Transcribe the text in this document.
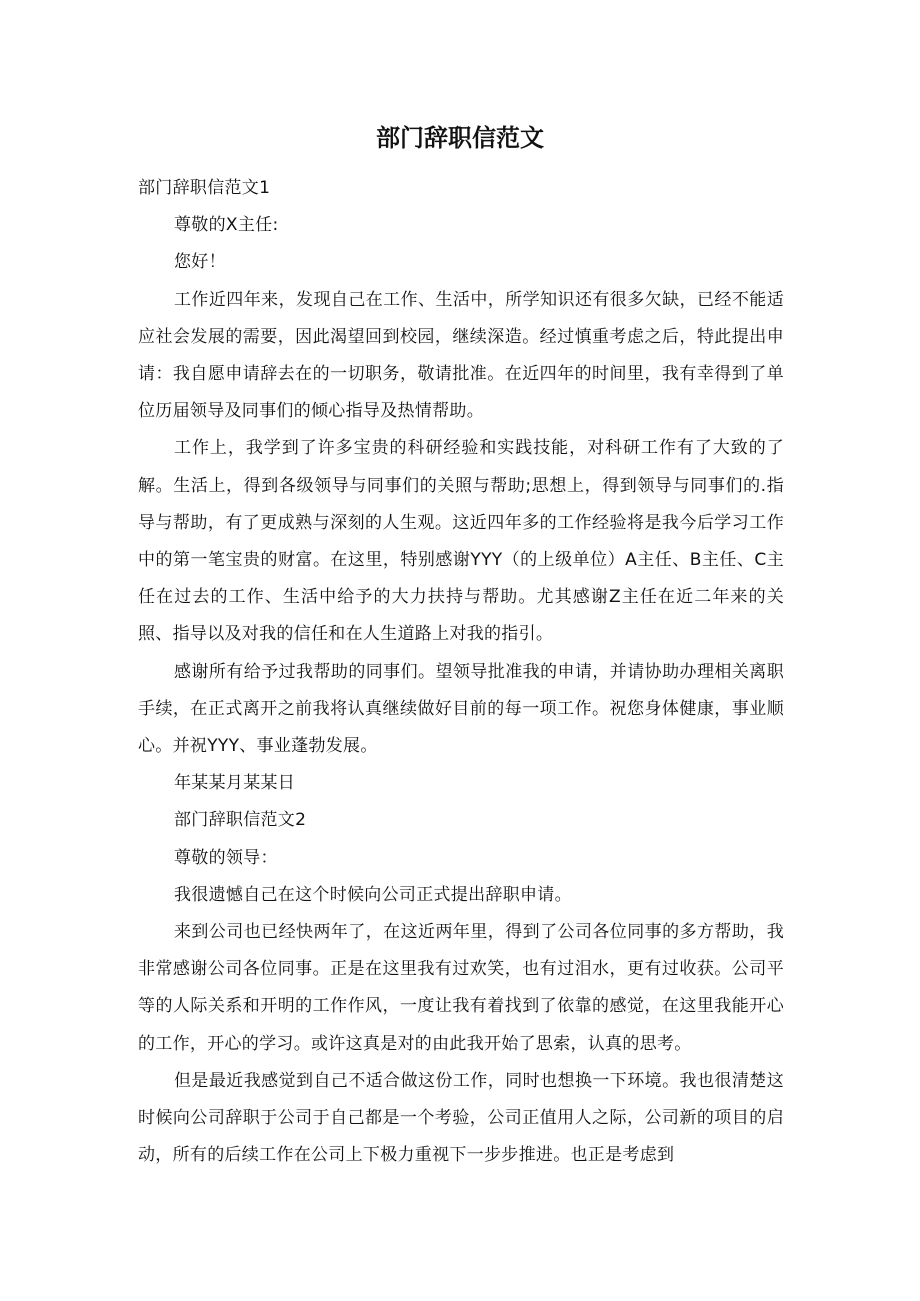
部门辞职信范文

部门辞职信范文1

尊敬的X主任:

您好！

工作近四年来，发现自己在工作、生活中，所学知识还有很多欠缺，已经不能适应社会发展的需要，因此渴望回到校园，继续深造。经过慎重考虑之后，特此提出申请：我自愿申请辞去在的一切职务，敬请批准。在近四年的时间里，我有幸得到了单位历届领导及同事们的倾心指导及热情帮助。

工作上，我学到了许多宝贵的科研经验和实践技能，对科研工作有了大致的了解。生活上，得到各级领导与同事们的关照与帮助;思想上，得到领导与同事们的.指导与帮助，有了更成熟与深刻的人生观。这近四年多的工作经验将是我今后学习工作中的第一笔宝贵的财富。在这里，特别感谢YYY（的上级单位）A主任、B主任、C主任在过去的工作、生活中给予的大力扶持与帮助。尤其感谢Z主任在近二年来的关照、指导以及对我的信任和在人生道路上对我的指引。

感谢所有给予过我帮助的同事们。望领导批准我的申请，并请协助办理相关离职手续，在正式离开之前我将认真继续做好目前的每一项工作。祝您身体健康，事业顺心。并祝YYY、事业蓬勃发展。

年某某月某某日

部门辞职信范文2

尊敬的领导：

我很遗憾自己在这个时候向公司正式提出辞职申请。

来到公司也已经快两年了，在这近两年里，得到了公司各位同事的多方帮助，我非常感谢公司各位同事。正是在这里我有过欢笑，也有过泪水，更有过收获。公司平等的人际关系和开明的工作作风，一度让我有着找到了依靠的感觉，在这里我能开心的工作，开心的学习。或许这真是对的由此我开始了思索，认真的思考。

但是最近我感觉到自己不适合做这份工作，同时也想换一下环境。我也很清楚这时候向公司辞职于公司于自己都是一个考验，公司正值用人之际，公司新的项目的启动，所有的后续工作在公司上下极力重视下一步步推进。也正是考虑到
